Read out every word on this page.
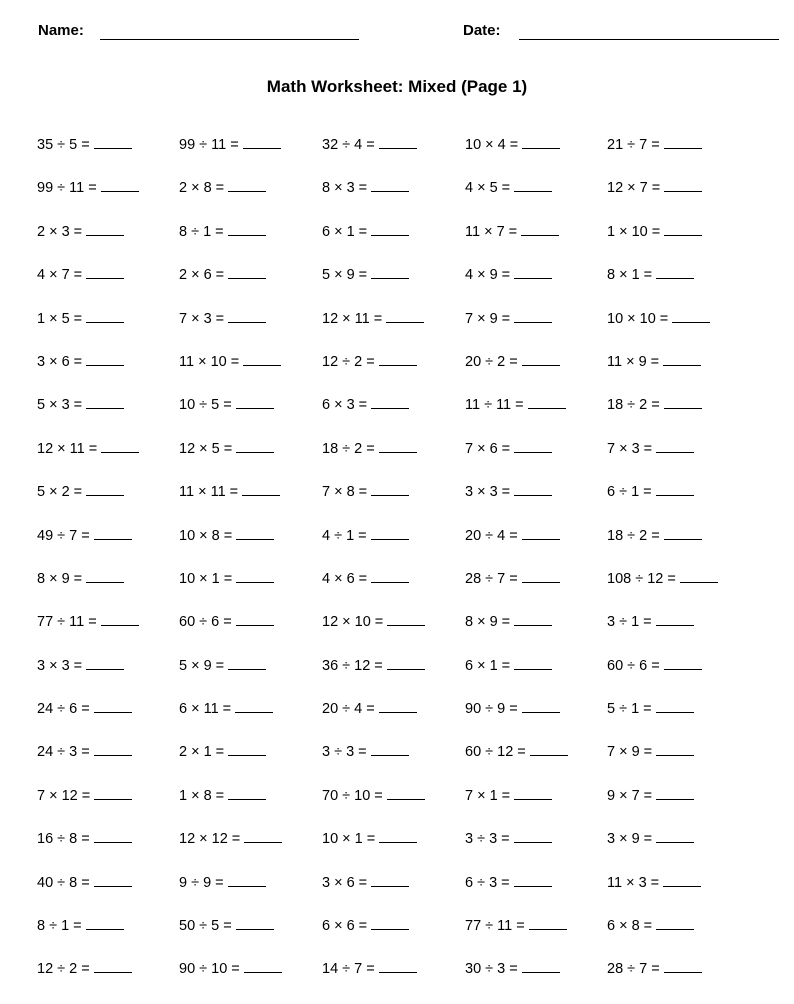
Name:	Date:
Math Worksheet: Mixed (Page 1)
35 ÷ 5 =	99 ÷ 11 =	32 ÷ 4 =	10 × 4 =	21 ÷ 7 =
99 ÷ 11 =	2 × 8 =	8 × 3 =	4 × 5 =	12 × 7 =
2 × 3 =	8 ÷ 1 =	6 × 1 =	11 × 7 =	1 × 10 =
4 × 7 =	2 × 6 =	5 × 9 =	4 × 9 =	8 × 1 =
1 × 5 =	7 × 3 =	12 × 11 =	7 × 9 =	10 × 10 =
3 × 6 =	11 × 10 =	12 ÷ 2 =	20 ÷ 2 =	11 × 9 =
5 × 3 =	10 ÷ 5 =	6 × 3 =	11 ÷ 11 =	18 ÷ 2 =
12 × 11 =	12 × 5 =	18 ÷ 2 =	7 × 6 =	7 × 3 =
5 × 2 =	11 × 11 =	7 × 8 =	3 × 3 =	6 ÷ 1 =
49 ÷ 7 =	10 × 8 =	4 ÷ 1 =	20 ÷ 4 =	18 ÷ 2 =
8 × 9 =	10 × 1 =	4 × 6 =	28 ÷ 7 =	108 ÷ 12 =
77 ÷ 11 =	60 ÷ 6 =	12 × 10 =	8 × 9 =	3 ÷ 1 =
3 × 3 =	5 × 9 =	36 ÷ 12 =	6 × 1 =	60 ÷ 6 =
24 ÷ 6 =	6 × 11 =	20 ÷ 4 =	90 ÷ 9 =	5 ÷ 1 =
24 ÷ 3 =	2 × 1 =	3 ÷ 3 =	60 ÷ 12 =	7 × 9 =
7 × 12 =	1 × 8 =	70 ÷ 10 =	7 × 1 =	9 × 7 =
16 ÷ 8 =	12 × 12 =	10 × 1 =	3 ÷ 3 =	3 × 9 =
40 ÷ 8 =	9 ÷ 9 =	3 × 6 =	6 ÷ 3 =	11 × 3 =
8 ÷ 1 =	50 ÷ 5 =	6 × 6 =	77 ÷ 11 =	6 × 8 =
12 ÷ 2 =	90 ÷ 10 =	14 ÷ 7 =	30 ÷ 3 =	28 ÷ 7 =
